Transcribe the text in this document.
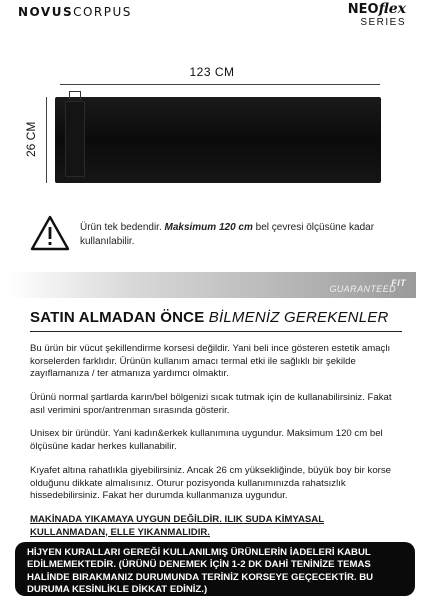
NOVUSCORPUS	NEOflex
SERIES
123 CM
26 CM

Ürün tek bedendir. Maksimum 120 cm bel çevresi ölçüsüne kadar kullanılabilir.

GUARANTEED
FIT
SATIN ALMADAN ÖNCE BİLMENİZ GEREKENLER

Bu ürün bir vücut şekillendirme korsesi değildir. Yani beli ince gösteren estetik amaçlı korselerden farklıdır. Ürünün kullanım amacı termal etki ile sağlıklı bir şekilde zayıflamanıza / ter atmanıza yardımcı olmaktır.

Ürünü normal şartlarda karın/bel bölgenizi sıcak tutmak için de kullanabilirsiniz. Fakat asıl verimini spor/antrenman sırasında gösterir.

Unisex bir üründür. Yani kadın&erkek kullanımına uygundur. Maksimum 120 cm bel ölçüsüne kadar herkes kullanabilir.

Kıyafet altına rahatlıkla giyebilirsiniz. Ancak 26 cm yüksekliğinde, büyük boy bir korse olduğunu dikkate almalısınız. Oturur pozisyonda kullanımınızda rahatsızlık hissedebilirsiniz. Fakat her durumda kullanmanıza uygundur.

MAKİNADA YIKAMAYA UYGUN DEĞİLDİR. ILIK SUDA KİMYASAL KULLANMADAN, ELLE YIKANMALIDIR.

HİJYEN KURALLARI GEREĞİ KULLANILMIŞ ÜRÜNLERİN İADELERİ KABUL EDİLMEMEKTEDİR. (ÜRÜNÜ DENEMEK İÇİN 1-2 DK DAHİ TENİNİZE TEMAS HALİNDE BIRAKMANIZ DURUMUNDA TERİNİZ KORSEYE GEÇECEKTİR. BU DURUMA KESİNLİKLE DİKKAT EDİNİZ.)
